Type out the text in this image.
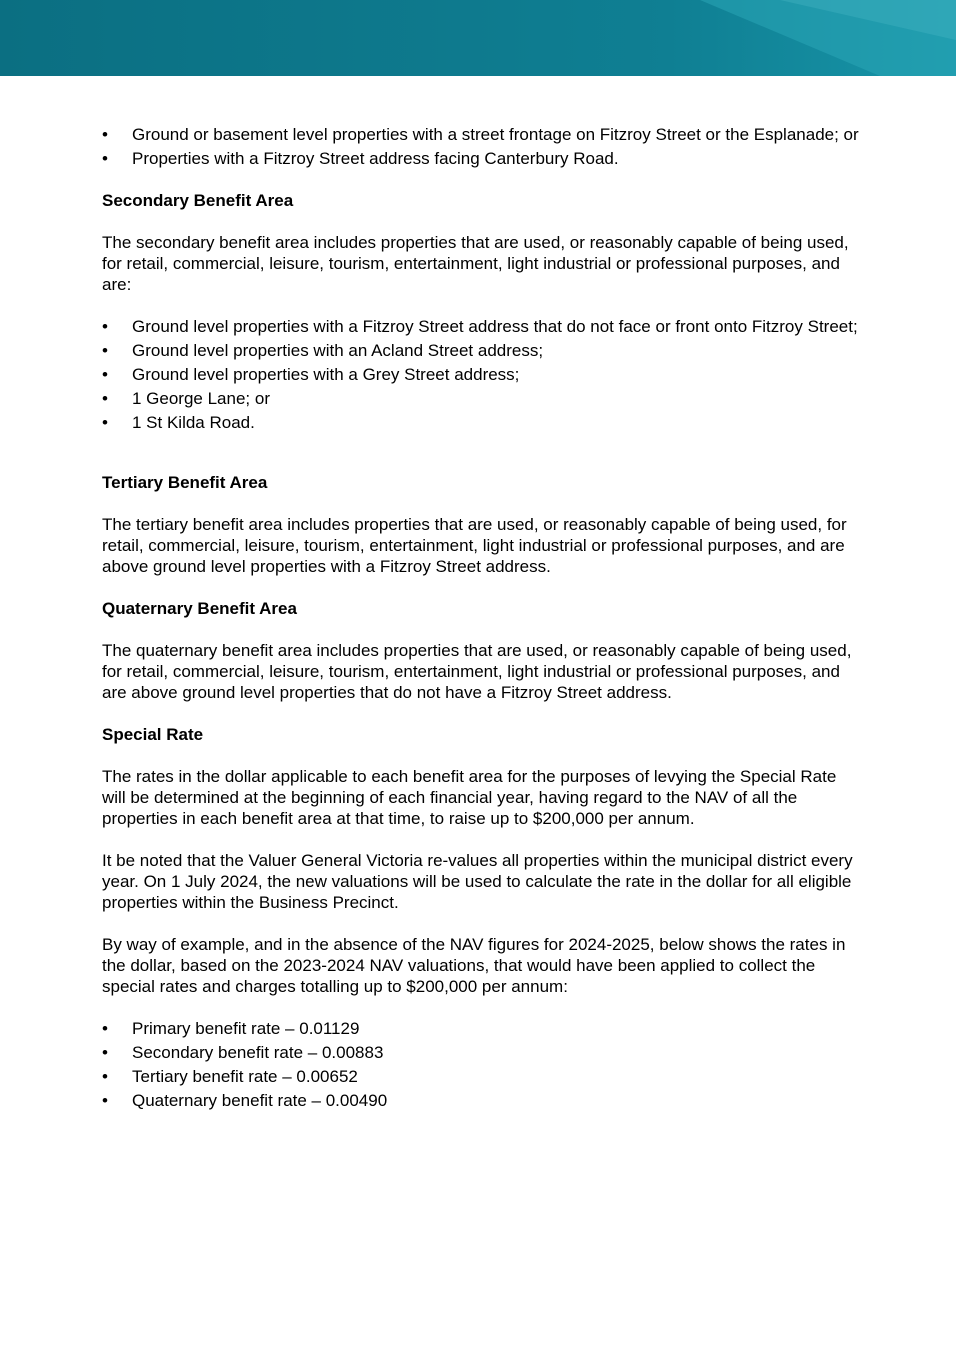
•	Ground or basement level properties with a street frontage on Fitzroy Street or the Esplanade; or
•	Properties with a Fitzroy Street address facing Canterbury Road.

Secondary Benefit Area

The secondary benefit area includes properties that are used, or reasonably capable of being used, for retail, commercial, leisure, tourism, entertainment, light industrial or professional purposes, and are:

•	Ground level properties with a Fitzroy Street address that do not face or front onto Fitzroy Street;
•	Ground level properties with an Acland Street address;
•	Ground level properties with a Grey Street address;
•	1 George Lane; or
•	1 St Kilda Road.

Tertiary Benefit Area

The tertiary benefit area includes properties that are used, or reasonably capable of being used, for retail, commercial, leisure, tourism, entertainment, light industrial or professional purposes, and are above ground level properties with a Fitzroy Street address.

Quaternary Benefit Area

The quaternary benefit area includes properties that are used, or reasonably capable of being used, for retail, commercial, leisure, tourism, entertainment, light industrial or professional purposes, and are above ground level properties that do not have a Fitzroy Street address.

Special Rate

The rates in the dollar applicable to each benefit area for the purposes of levying the Special Rate will be determined at the beginning of each financial year, having regard to the NAV of all the properties in each benefit area at that time, to raise up to $200,000 per annum.

It be noted that the Valuer General Victoria re-values all properties within the municipal district every year. On 1 July 2024, the new valuations will be used to calculate the rate in the dollar for all eligible properties within the Business Precinct.

By way of example, and in the absence of the NAV figures for 2024-2025, below shows the rates in the dollar, based on the 2023-2024 NAV valuations, that would have been applied to collect the special rates and charges totalling up to $200,000 per annum:

•	Primary benefit rate – 0.01129
•	Secondary benefit rate – 0.00883
•	Tertiary benefit rate – 0.00652
•	Quaternary benefit rate – 0.00490
